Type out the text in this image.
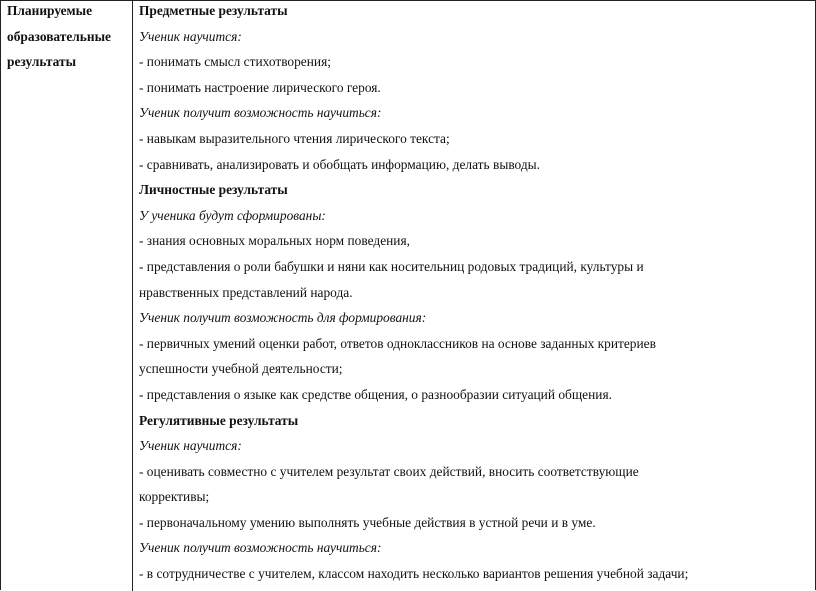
Планируемые
образовательные
результаты
Предметные результаты
Ученик научится:
- понимать смысл стихотворения;
- понимать настроение лирического героя.
Ученик получит возможность научиться:
- навыкам выразительного чтения лирического текста;
- сравнивать, анализировать и обобщать информацию, делать выводы.
Личностные результаты
У ученика будут сформированы:
- знания основных моральных норм поведения,
- представления о роли бабушки и няни как носительниц родовых традиций, культуры и
нравственных представлений народа.
Ученик получит возможность для формирования:
- первичных умений оценки работ, ответов одноклассников на основе заданных критериев
успешности учебной деятельности;
- представления о языке как средстве общения, о разнообразии ситуаций общения.
Регулятивные результаты
Ученик научится:
- оценивать совместно с учителем результат своих действий, вносить соответствующие
коррективы;
- первоначальному умению выполнять учебные действия в устной речи и в уме.
Ученик получит возможность научиться:
- в сотрудничестве с учителем, классом находить несколько вариантов решения учебной задачи;
